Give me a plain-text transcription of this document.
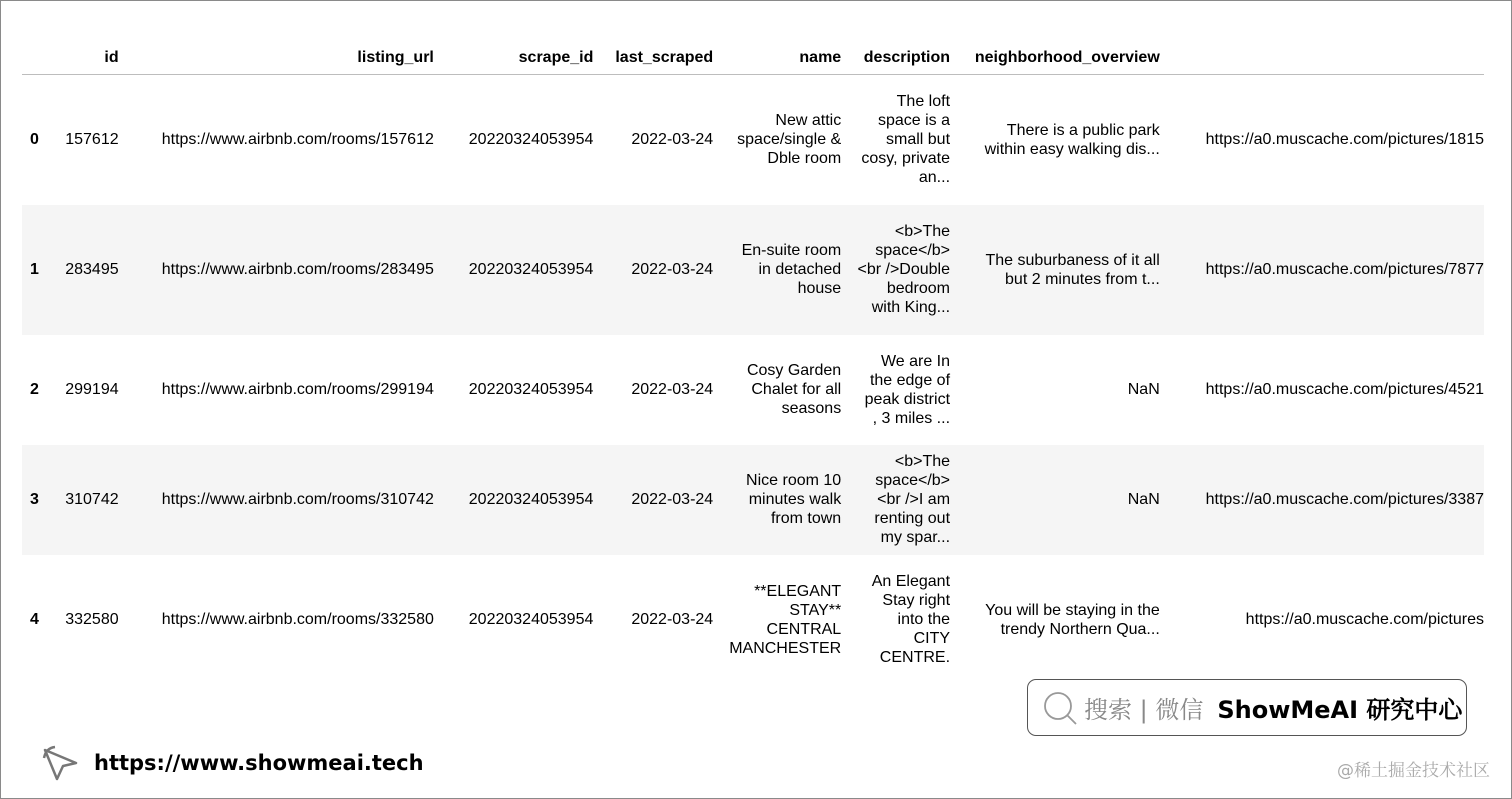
	id	listing_url	scrape_id	last_scraped	name	description	neighborhood_overview	
0	157612	https://www.airbnb.com/rooms/157612	20220324053954	2022-03-24	New attic space/single & Dble room	The loft space is a small but cosy, private an...	There is a public park within easy walking dis...	https://a0.muscache.com/pictures/1815
1	283495	https://www.airbnb.com/rooms/283495	20220324053954	2022-03-24	En-suite room in detached house	<b>The space</b> <br />Double bedroom with King...	The suburbaness of it all but 2 minutes from t...	https://a0.muscache.com/pictures/7877
2	299194	https://www.airbnb.com/rooms/299194	20220324053954	2022-03-24	Cosy Garden Chalet for all seasons	We are In the edge of peak district , 3 miles ...	NaN	https://a0.muscache.com/pictures/4521
3	310742	https://www.airbnb.com/rooms/310742	20220324053954	2022-03-24	Nice room 10 minutes walk from town	<b>The space</b> <br />I am renting out my spar...	NaN	https://a0.muscache.com/pictures/3387
4	332580	https://www.airbnb.com/rooms/332580	20220324053954	2022-03-24	**ELEGANT STAY** CENTRAL MANCHESTER	An Elegant Stay right into the CITY CENTRE.	You will be staying in the trendy Northern Qua...	https://a0.muscache.com/pictures
https://www.showmeai.tech
搜索 | 微信 ShowMeAI 研究中心
@稀土掘金技术社区
